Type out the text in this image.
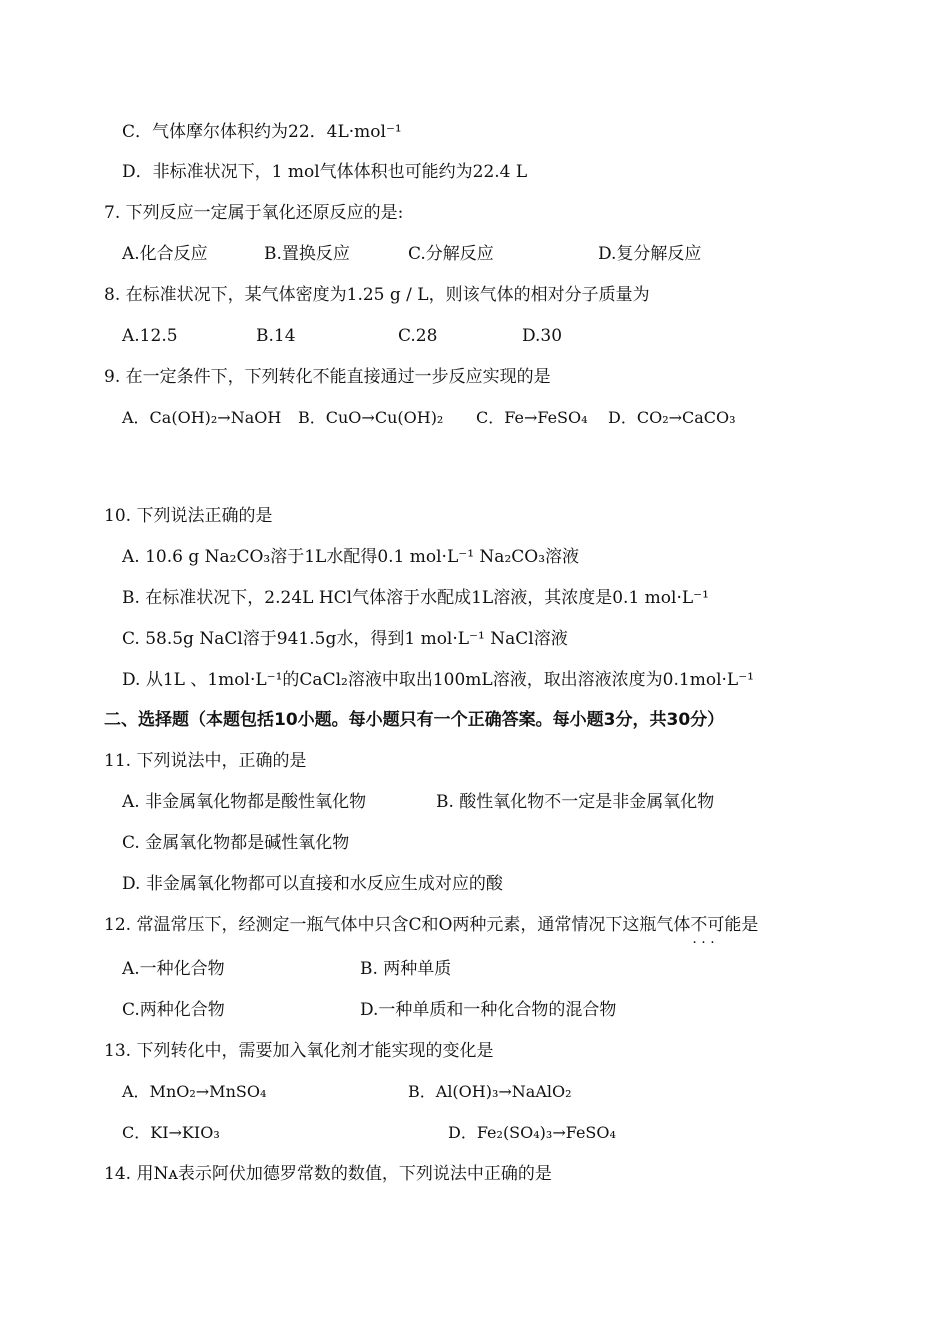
C．气体摩尔体积约为22．4L·mol⁻¹
D．非标准状况下，1 mol气体体积也可能约为22.4 L
7. 下列反应一定属于氧化还原反应的是:
A.化合反应	B.置换反应	C.分解反应	D.复分解反应
8. 在标准状况下，某气体密度为1.25 g / L，则该气体的相对分子质量为
A.12.5	B.14	C.28	D.30
9. 在一定条件下，下列转化不能直接通过一步反应实现的是
A．Ca(OH)₂→NaOH B．CuO→Cu(OH)₂ C．Fe→FeSO₄ D．CO₂→CaCO₃
10. 下列说法正确的是
A. 10.6 g Na₂CO₃溶于1L水配得0.1 mol·L⁻¹ Na₂CO₃溶液
B. 在标准状况下，2.24L HCl气体溶于水配成1L溶液，其浓度是0.1 mol·L⁻¹
C. 58.5g NaCl溶于941.5g水，得到1 mol·L⁻¹ NaCl溶液
D. 从1L 、1mol·L⁻¹的CaCl₂溶液中取出100mL溶液，取出溶液浓度为0.1mol·L⁻¹
二、选择题（本题包括10小题。每小题只有一个正确答案。每小题3分，共30分）
11. 下列说法中，正确的是
A. 非金属氧化物都是酸性氧化物	B. 酸性氧化物不一定是非金属氧化物
C. 金属氧化物都是碱性氧化物
D. 非金属氧化物都可以直接和水反应生成对应的酸
12. 常温常压下，经测定一瓶气体中只含C和O两种元素，通常情况下这瓶气体不可能 · · ·是
A.一种化合物	B. 两种单质
C.两种化合物	D.一种单质和一种化合物的混合物
13. 下列转化中，需要加入氧化剂才能实现的变化是
A．MnO₂→MnSO₄	B．Al(OH)₃→NaAlO₂
C．KI→KIO₃	D．Fe₂(SO₄)₃→FeSO₄
14. 用Nᴀ表示阿伏加德罗常数的数值，下列说法中正确的是
